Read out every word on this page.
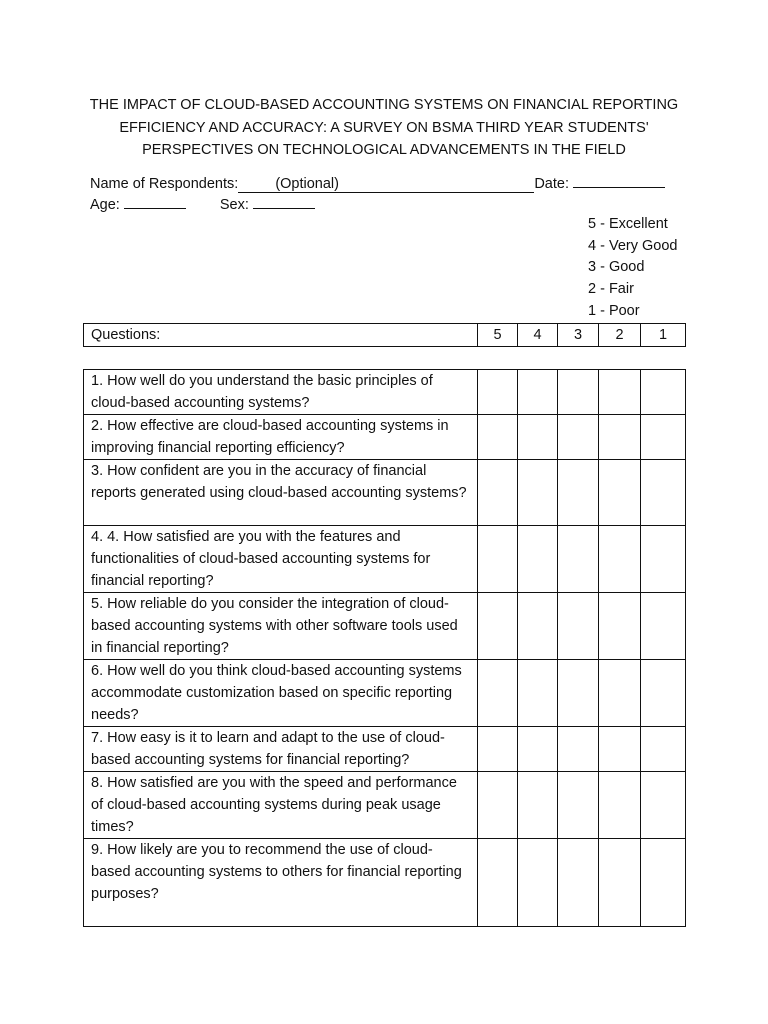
THE IMPACT OF CLOUD-BASED ACCOUNTING SYSTEMS ON FINANCIAL REPORTING
EFFICIENCY AND ACCURACY: A SURVEY ON BSMA THIRD YEAR STUDENTS'
PERSPECTIVES ON TECHNOLOGICAL ADVANCEMENTS IN THE FIELD
Name of Respondents:	(Optional)	Date:
Age:	Sex:
5 - Excellent
4 - Very Good
3 - Good
2 - Fair
1 - Poor
Questions:	5	4	3	2	1
1. How well do you understand the basic principles of cloud-based accounting systems?					
2. How effective are cloud-based accounting systems in improving financial reporting efficiency?					
3. How confident are you in the accuracy of financial reports generated using cloud-based accounting systems?					
4. 4. How satisfied are you with the features and functionalities of cloud-based accounting systems for financial reporting?					
5. How reliable do you consider the integration of cloud-based accounting systems with other software tools used in financial reporting?					
6. How well do you think cloud-based accounting systems accommodate customization based on specific reporting needs?					
7. How easy is it to learn and adapt to the use of cloud-based accounting systems for financial reporting?					
8. How satisfied are you with the speed and performance of cloud-based accounting systems during peak usage times?					
9. How likely are you to recommend the use of cloud-based accounting systems to others for financial reporting purposes?					
